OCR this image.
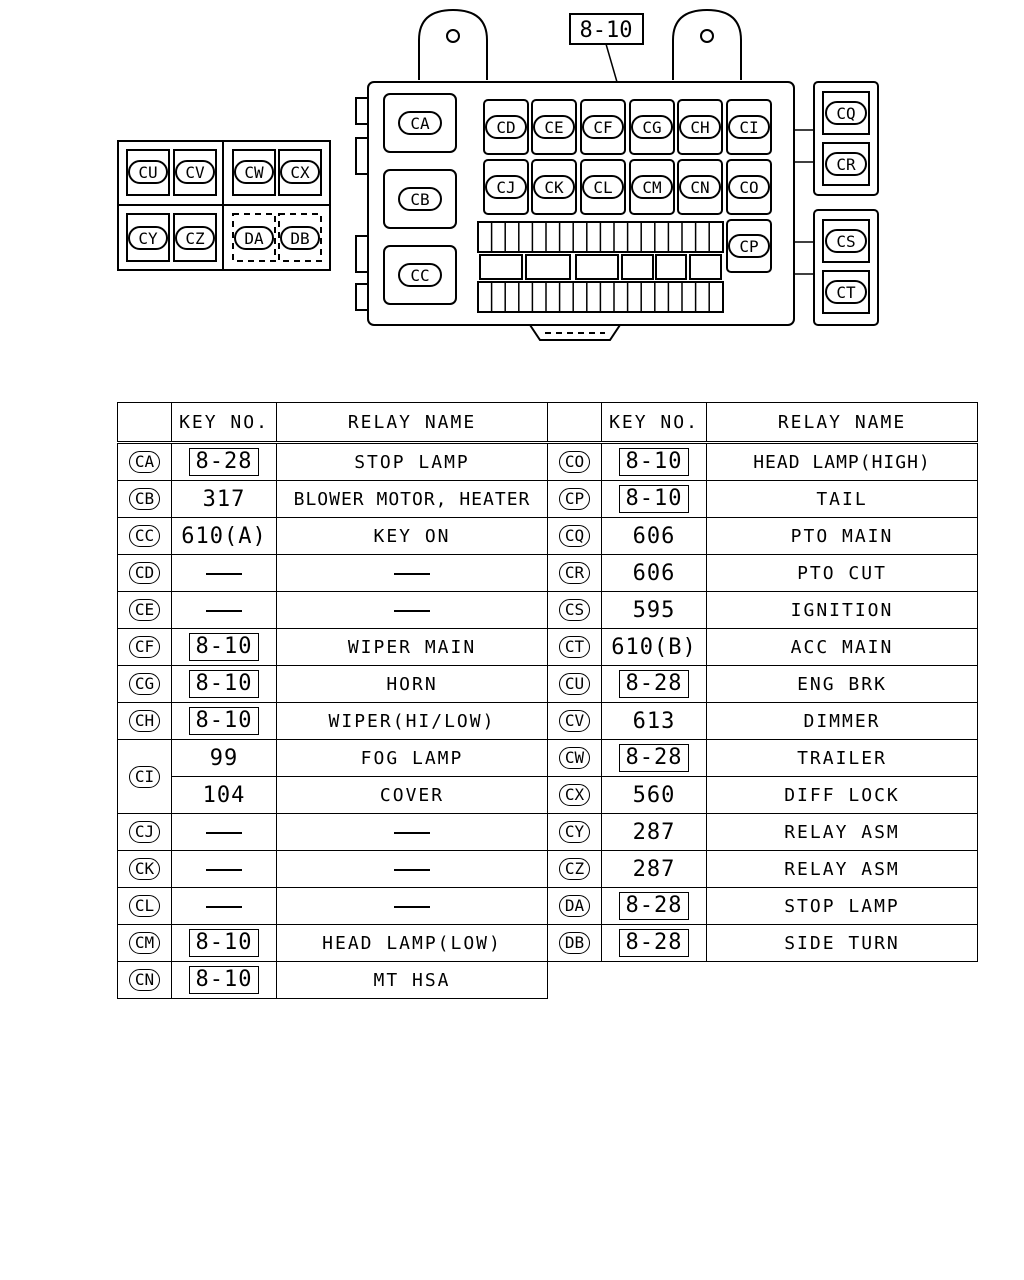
8-10
CA
CB
CC
CD CE CF CG CH CI
CJ CK CL CM CN CO
CP
CQ
CR
CS
CT
CU CV CW CX
CY CZ DA DB
	KEY NO.	RELAY NAME		KEY NO.	RELAY NAME
CA	8-28	STOP LAMP	CO	8-10	HEAD LAMP(HIGH)
CB	317	BLOWER MOTOR, HEATER	CP	8-10	TAIL
CC	610(A)	KEY ON	CQ	606	PTO MAIN
CD			CR	606	PTO CUT
CE			CS	595	IGNITION
CF	8-10	WIPER MAIN	CT	610(B)	ACC MAIN
CG	8-10	HORN	CU	8-28	ENG BRK
CH	8-10	WIPER(HI/LOW)	CV	613	DIMMER
CI	99	FOG LAMP	CW	8-28	TRAILER
	104	COVER	CX	560	DIFF LOCK
CJ			CY	287	RELAY ASM
CK			CZ	287	RELAY ASM
CL			DA	8-28	STOP LAMP
CM	8-10	HEAD LAMP(LOW)	DB	8-28	SIDE TURN
CN	8-10	MT HSA			
